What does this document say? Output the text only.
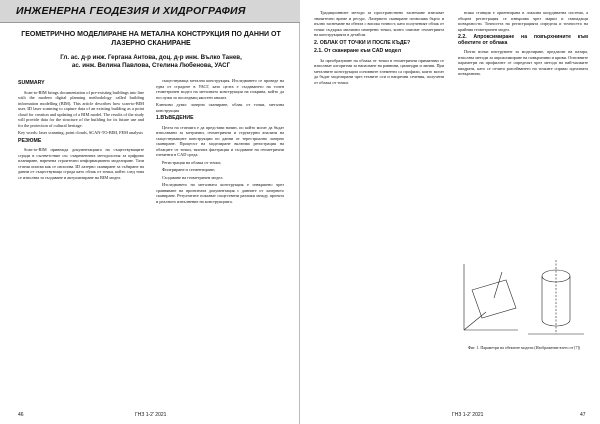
ИНЖЕНЕРНА ГЕОДЕЗИЯ И ХИДРОГРАФИЯ
ГЕОМЕТРИЧНО МОДЕЛИРАНЕ НА МЕТАЛНА КОНСТРУКЦИЯ ПО ДАННИ ОТ
ЛАЗЕРНО СКАНИРАНЕ
Гл. ас. д-р инж. Гергана Антова, доц. д-р инж. Вълко Танев,
ас. инж. Велина Павлова, Стелина Любенова, УАСГ
SUMMARY

Scan-to-BIM brings documentation of pre-existing buildings into line with the modern digital planning methodology called building information modelling (BIM). This article describes how scan-to-BIM uses 3D laser scanning to capture data of an existing building as a point cloud for creation and updating of a BIM model. The results of the study will provide data for the structure of the building for its future use and for the protection of cultural heritage.

Key words: laser scanning, point clouds, SCAN-TO-BIM, FEM analysis

РЕЗЮМЕ

Scan-to-BIM привежда документацията на съществуващите сгради в съответствие със съвременната методология за цифрово планиране, наречена строително информационно моделиране. Тази статия описва как се използва 3D лазерно сканиране за събиране на данни от съществуваща сграда като облак от точки, който след това се използва за създаване и актуализиране на BIM модел.

съществуваща метална конструкция. Изследването се проведе на една от сградите в УАСГ, като целта е създаването на точен геометричен модел на металната конструкция на покрива, който да послужи за последващ якостен анализ.

Ключови думи: лазерно сканиране, облак от точки, метална конструкция

1.ВЪВЕДЕНИЕ

Целта на статията е да представи начин, по който могат да бъдат използвани за метрични, геометрични и структурни анализи на съществуващите конструкции по данни от терестриално лазерно сканиране. Процесът на моделиране включва регистрация на облаците от точки, тяхната филтрация и създаване на геометрични елементи в CAD среда.

Регистрация на облака от точки;

Филтриране и сегментиране;

Създаване на геометричен модел.

Изследването на металната конструкция е извършено чрез сравняване на проектната документация с данните от лазерното сканиране. Резултатите показват съществени разлики между проекта и реалното изпълнение на конструкцията.

46	ГНЗ 1-2' 2021

Традиционните методи за пространствено заснемане изискват значително време и ресурс. Лазерното сканиране позволява бързо и пълно заснемане на обекта с висока точност, като полученият облак от точки съдържа милиони измерени точки, които описват геометрията на конструкцията в детайли.

2. ОБЛАК ОТ ТОЧКИ И ПОСЛЕ КЪДЕ?
2.1. От сканиране към CAD модел

За преобразуване на облака от точки в геометрични примитиви се използват алгоритми за напасване на равнини, цилиндри и линии. При металните конструкции основните елементи са профили, които могат да бъдат моделирани чрез техните оси и напречни сечения, получени от облака от точки.

всяка станция е ориентирана в локална координатна система, а общата регистрация се извършва чрез марки и съвпадащи повърхности. Точността на регистрацията определя и точността на крайния геометричен модел.

2.2. Апроксимиране на повърхнините към обектите от облака

Почти всеки инструмент за моделиране, предлаган на пазара, използва методи за апроксимиране на повърхнини и криви. Основните параметри на профилите се определят чрез метода на най-малките квадрати, като се отчита разсейването на точките спрямо идеалната повърхнина.

Фиг. 1. Параметри на обектите модели (Изображение взето от [7])
ГНЗ 1-2' 2021	47
